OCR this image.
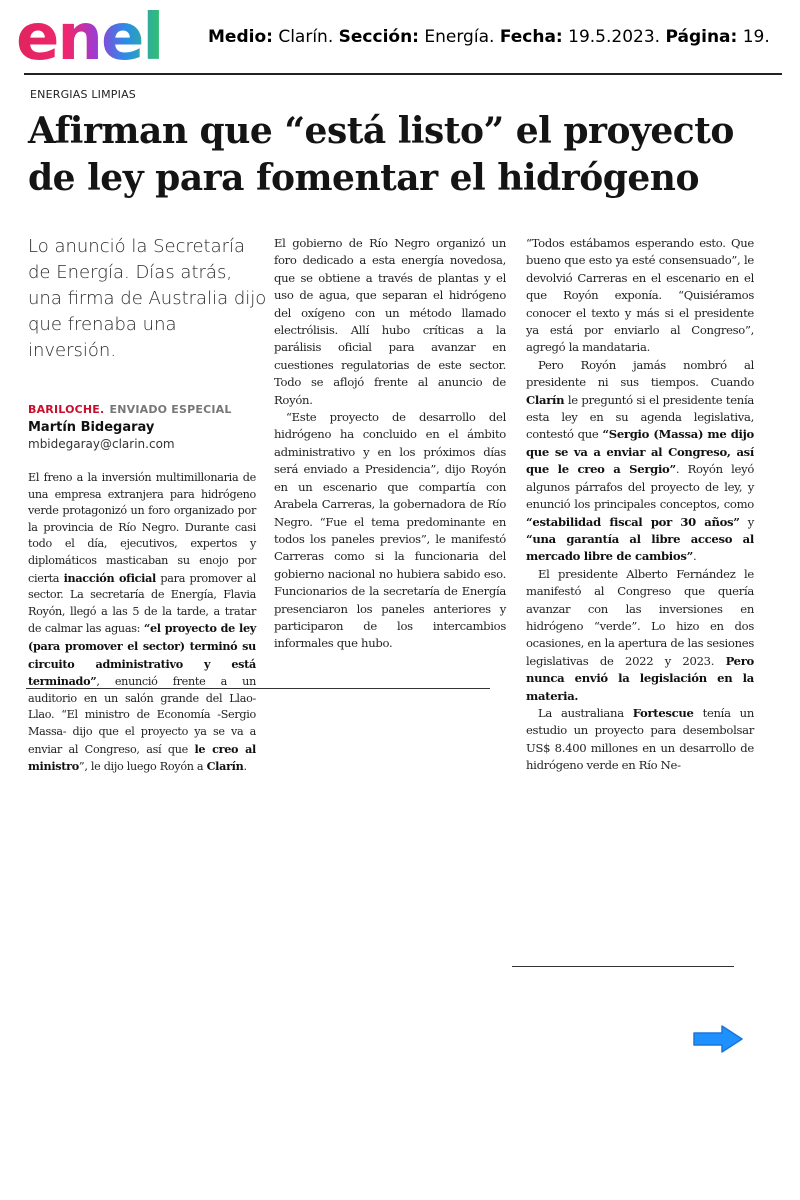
enel	Medio: Clarín. Sección: Energía. Fecha: 19.5.2023. Página: 19.
ENERGIAS LIMPIAS
Afirman que “está listo” el proyecto
de ley para fomentar el hidrógeno
Lo anunció la Secretaría de Energía. Días atrás, una firma de Australia dijo que frenaba una inversión.
BARILOCHE. ENVIADO ESPECIAL
Martín Bidegaray
mbidegaray@clarin.com

El freno a la inversión multimillonaria de una empresa extranjera para hidrógeno verde protagonizó un foro organizado por la provincia de Río Negro. Durante casi todo el día, ejecutivos, expertos y diplomáticos masticaban su enojo por cierta inacción oficial para promover al sector. La secretaría de Energía, Flavia Royón, llegó a las 5 de la tarde, a tratar de calmar las aguas: “el proyecto de ley (para promover el sector) terminó su circuito administrativo y está terminado”, enunció frente a un auditorio en un salón grande del Llao-Llao. “El ministro de Economía -Sergio Massa- dijo que el proyecto ya se va a enviar al Congreso, así que le creo al ministro”, le dijo luego Royón a Clarín.

El gobierno de Río Negro organizó un foro dedicado a esta energía novedosa, que se obtiene a través de plantas y el uso de agua, que separan el hidrógeno del oxígeno con un método llamado electrólisis. Allí hubo críticas a la parálisis oficial para avanzar en cuestiones regulatorias de este sector. Todo se aflojó frente al anuncio de Royón.

“Este proyecto de desarrollo del hidrógeno ha concluido en el ámbito administrativo y en los próximos días será enviado a Presidencia”, dijo Royón en un escenario que compartía con Arabela Carreras, la gobernadora de Río Negro. “Fue el tema predominante en todos los paneles previos”, le manifestó Carreras como si la funcionaria del gobierno nacional no hubiera sabido eso. Funcionarios de la secretaría de Energía presenciaron los paneles anteriores y participaron de los intercambios informales que hubo.

“Todos estábamos esperando esto. Que bueno que esto ya esté consensuado”, le devolvió Carreras en el escenario en el que Royón exponía. “Quisiéramos conocer el texto y más si el presidente ya está por enviarlo al Congreso”, agregó la mandataria.

Pero Royón jamás nombró al presidente ni sus tiempos. Cuando Clarín le preguntó si el presidente tenía esta ley en su agenda legislativa, contestó que “Sergio (Massa) me dijo que se va a enviar al Congreso, así que le creo a Sergio”. Royón leyó algunos párrafos del proyecto de ley, y enunció los principales conceptos, como “estabilidad fiscal por 30 años” y “una garantía al libre acceso al mercado libre de cambios”.

El presidente Alberto Fernández le manifestó al Congreso que quería avanzar con las inversiones en hidrógeno “verde”. Lo hizo en dos ocasiones, en la apertura de las sesiones legislativas de 2022 y 2023. Pero nunca envió la legislación en la materia.

La australiana Fortescue tenía un estudio un proyecto para desembolsar US$ 8.400 millones en un desarrollo de hidrógeno verde en Río Ne-
